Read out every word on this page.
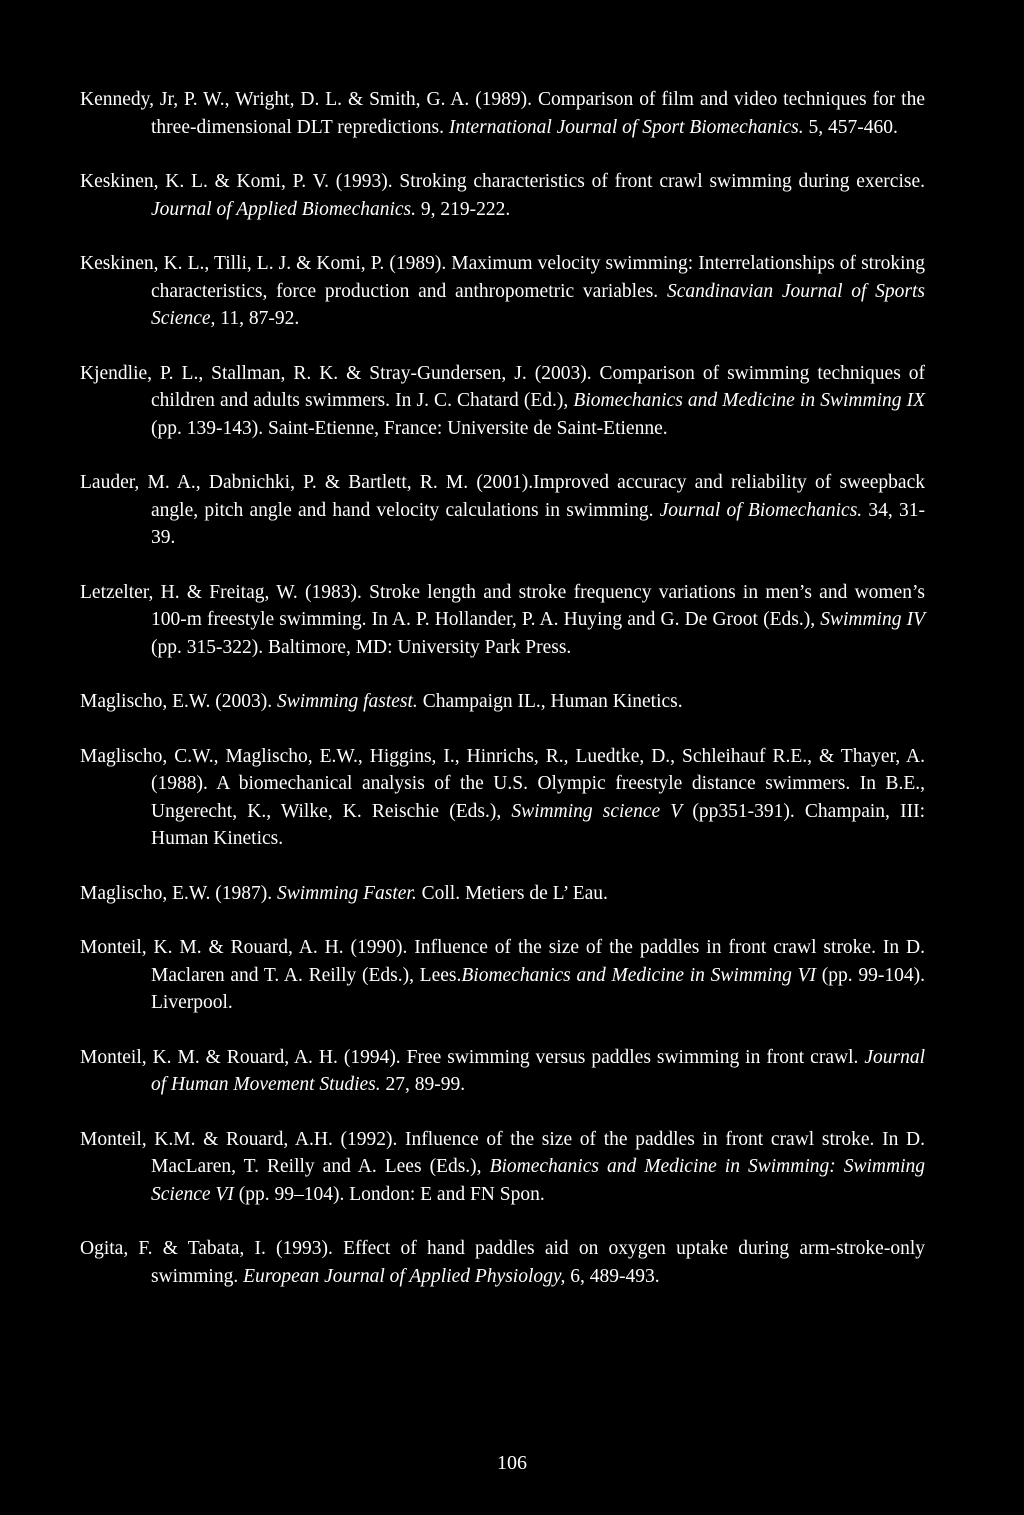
Kennedy, Jr, P. W., Wright, D. L. & Smith, G. A. (1989). Comparison of film and video techniques for the three-dimensional DLT repredictions. International Journal of Sport Biomechanics. 5, 457-460.

Keskinen, K. L. & Komi, P. V. (1993). Stroking characteristics of front crawl swimming during exercise. Journal of Applied Biomechanics. 9, 219-222.

Keskinen, K. L., Tilli, L. J. & Komi, P. (1989). Maximum velocity swimming: Interrelationships of stroking characteristics, force production and anthropometric variables. Scandinavian Journal of Sports Science, 11, 87-92.

Kjendlie, P. L., Stallman, R. K. & Stray-Gundersen, J. (2003). Comparison of swimming techniques of children and adults swimmers. In J. C. Chatard (Ed.), Biomechanics and Medicine in Swimming IX (pp. 139-143). Saint-Etienne, France: Universite de Saint-Etienne.

Lauder, M. A., Dabnichki, P. & Bartlett, R. M. (2001).Improved accuracy and reliability of sweepback angle, pitch angle and hand velocity calculations in swimming. Journal of Biomechanics. 34, 31-39.

Letzelter, H. & Freitag, W. (1983). Stroke length and stroke frequency variations in men’s and women’s 100-m freestyle swimming. In A. P. Hollander, P. A. Huying and G. De Groot (Eds.), Swimming IV (pp. 315-322). Baltimore, MD: University Park Press.

Maglischo, E.W. (2003). Swimming fastest. Champaign IL., Human Kinetics.

Maglischo, C.W., Maglischo, E.W., Higgins, I., Hinrichs, R., Luedtke, D., Schleihauf R.E., & Thayer, A. (1988). A biomechanical analysis of the U.S. Olympic freestyle distance swimmers. In B.E., Ungerecht, K., Wilke, K. Reischie (Eds.), Swimming science V (pp351-391). Champain, III: Human Kinetics.

Maglischo, E.W. (1987). Swimming Faster. Coll. Metiers de L’ Eau.

Monteil, K. M. & Rouard, A. H. (1990). Influence of the size of the paddles in front crawl stroke. In D. Maclaren and T. A. Reilly (Eds.), Lees.Biomechanics and Medicine in Swimming VI (pp. 99-104). Liverpool.

Monteil, K. M. & Rouard, A. H. (1994). Free swimming versus paddles swimming in front crawl. Journal of Human Movement Studies. 27, 89-99.

Monteil, K.M. & Rouard, A.H. (1992). Influence of the size of the paddles in front crawl stroke. In D. MacLaren, T. Reilly and A. Lees (Eds.), Biomechanics and Medicine in Swimming: Swimming Science VI (pp. 99–104). London: E and FN Spon.

Ogita, F. & Tabata, I. (1993). Effect of hand paddles aid on oxygen uptake during arm-stroke-only swimming. European Journal of Applied Physiology, 6, 489-493.

106
